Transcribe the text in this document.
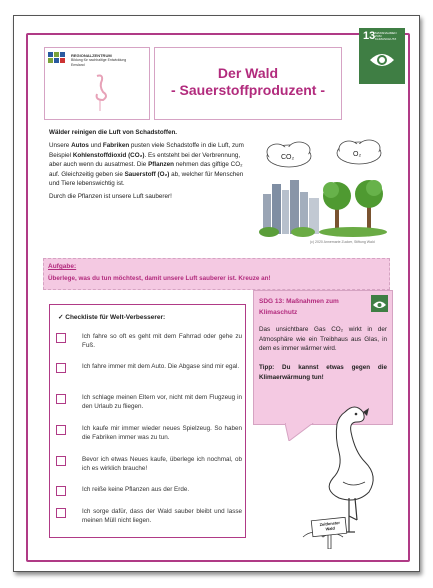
13 MASSNAHMEN ZUM KLIMASCHUTZ
REGIONALZENTRUM
Bildung für nachhaltige Entwicklung
Emsland	Der Wald
- Sauerstoffproduzent -

Wälder reinigen die Luft von Schadstoffen.

Unsere Autos und Fabriken pusten viele Schadstoffe in die Luft, zum Beispiel Kohlenstoffdioxid (CO₂). Es entsteht bei der Verbrennung, aber auch wenn du ausatmest. Die Pflanzen nehmen das giftige CO₂ auf. Gleichzeitig geben sie Sauerstoff (O₂) ab, welcher für Menschen und Tiere lebenswichtig ist.

Durch die Pflanzen ist unsere Luft sauberer!

CO₂	O₂
(c) 2020 Annemarie Zucker, Stiftung Wald
Aufgabe:
Überlege, was du tun möchtest, damit unsere Luft sauberer ist. Kreuze an!
✓ Checkliste für Welt-Verbesserer:
Ich fahre so oft es geht mit dem Fahrrad oder gehe zu Fuß.
Ich fahre immer mit dem Auto. Die Abgase sind mir egal.
Ich schlage meinen Eltern vor, nicht mit dem Flugzeug in den Urlaub zu fliegen.
Ich kaufe mir immer wieder neues Spielzeug. So haben die Fabriken immer was zu tun.
Bevor ich etwas Neues kaufe, überlege ich nochmal, ob ich es wirklich brauche!
Ich reiße keine Pflanzen aus der Erde.
Ich sorge dafür, dass der Wald sauber bleibt und lasse meinen Müll nicht liegen.
SDG 13: Maßnahmen zum Klimaschutz
Das unsichtbare Gas CO₂ wirkt in der Atmosphäre wie ein Treibhaus aus Glas, in dem es immer wärmer wird.
Tipp: Du kannst etwas gegen die Klimaerwärmung tun!
Zeitfenster Wald
